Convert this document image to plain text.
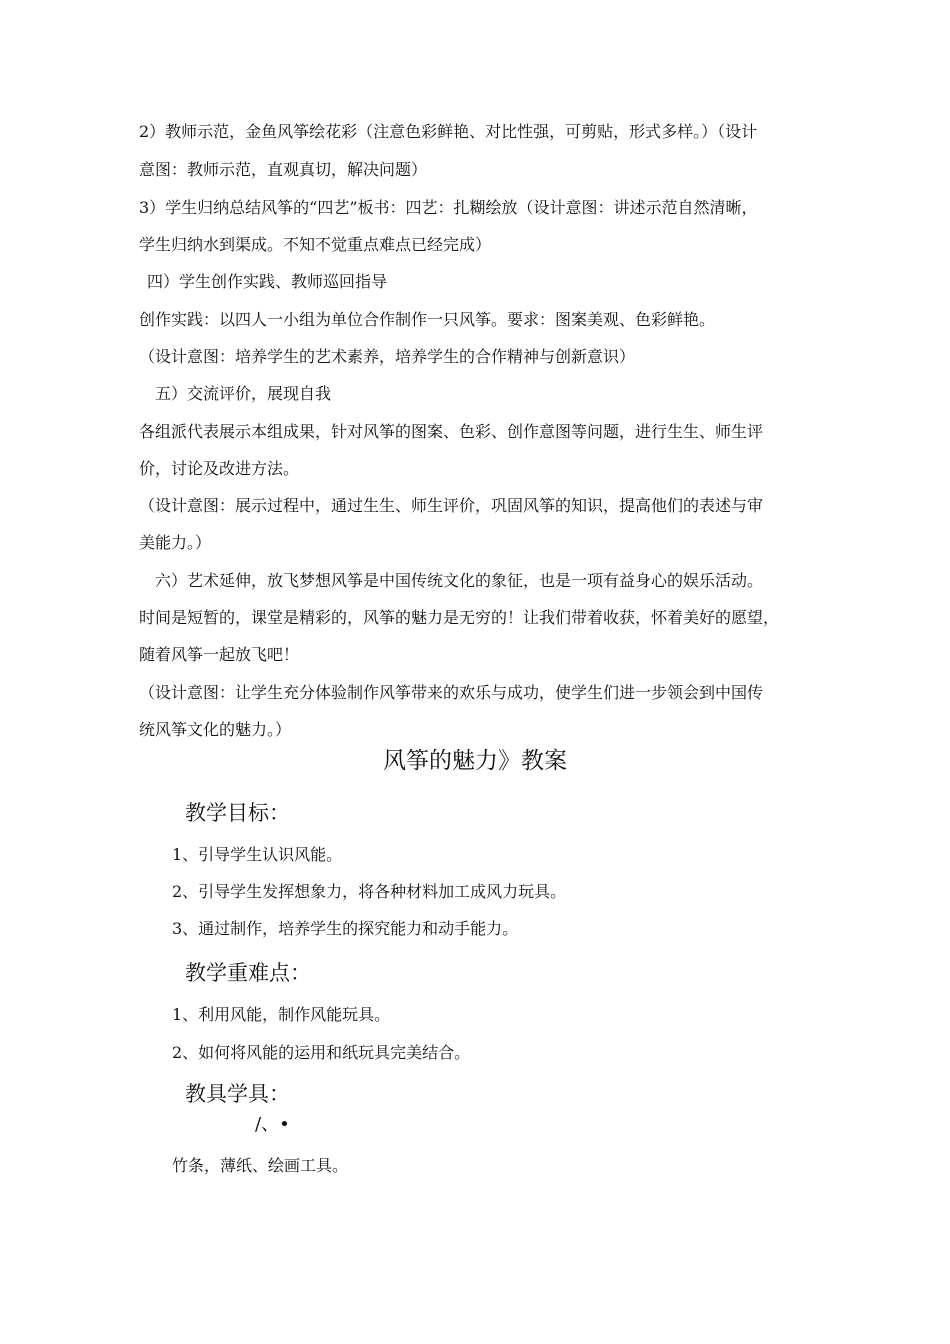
2）教师示范，金鱼风筝绘花彩（注意色彩鲜艳、对比性强，可剪贴，形式多样。）（设计
意图：教师示范，直观真切，解决问题）
3）学生归纳总结风筝的“四艺”板书：四艺：扎糊绘放（设计意图：讲述示范自然清晰，
学生归纳水到渠成。不知不觉重点难点已经完成）
四）学生创作实践、教师巡回指导
创作实践：以四人一小组为单位合作制作一只风筝。要求：图案美观、色彩鲜艳。
（设计意图：培养学生的艺术素养，培养学生的合作精神与创新意识）
五）交流评价，展现自我
各组派代表展示本组成果，针对风筝的图案、色彩、创作意图等问题，进行生生、师生评
价，讨论及改进方法。
（设计意图：展示过程中，通过生生、师生评价，巩固风筝的知识，提高他们的表述与审
美能力。）
六）艺术延伸，放飞梦想风筝是中国传统文化的象征，也是一项有益身心的娱乐活动。
时间是短暂的，课堂是精彩的，风筝的魅力是无穷的！让我们带着收获，怀着美好的愿望，
随着风筝一起放飞吧！
（设计意图：让学生充分体验制作风筝带来的欢乐与成功，使学生们进一步领会到中国传
统风筝文化的魅力。）
风筝的魅力》教案
教学目标：
1、引导学生认识风能。
2、引导学生发挥想象力，将各种材料加工成风力玩具。
3、通过制作，培养学生的探究能力和动手能力。
教学重难点：
1、利用风能，制作风能玩具。
2、如何将风能的运用和纸玩具完美结合。
教具学具：
/、•
竹条，薄纸、绘画工具。
